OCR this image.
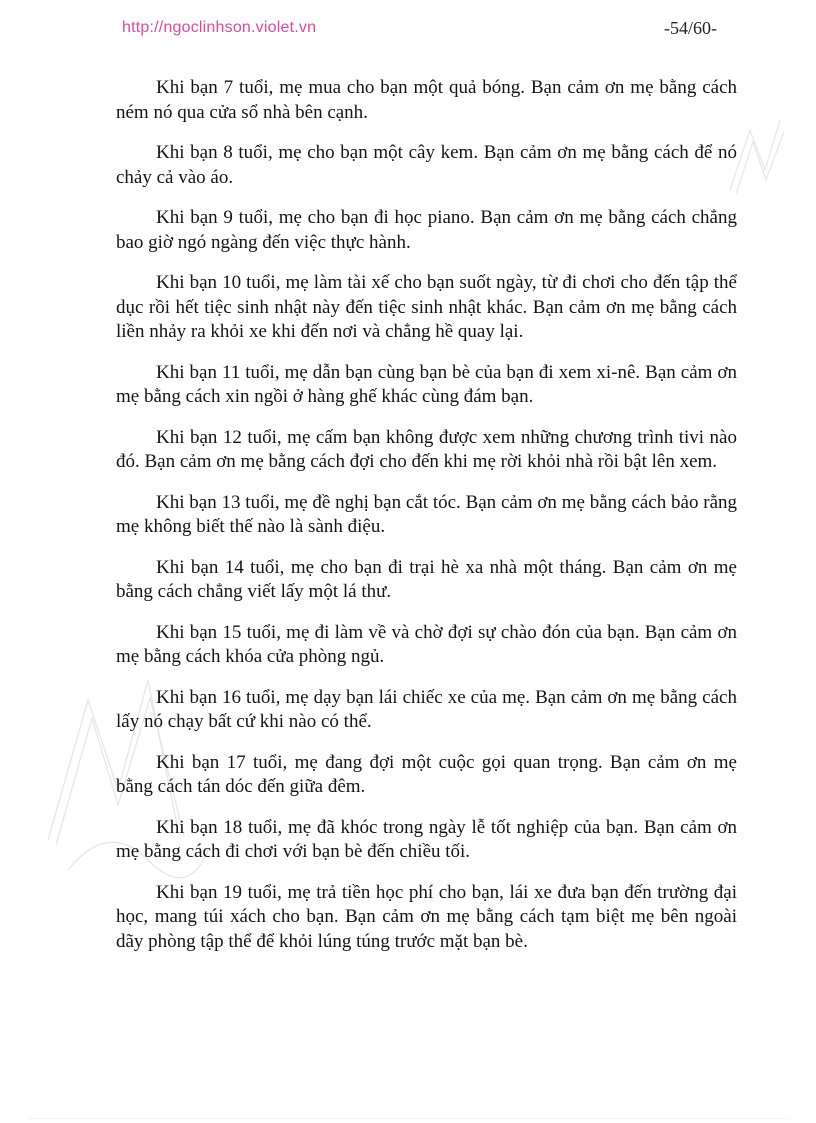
http://ngoclinhson.violet.vn	-54/60-

Khi bạn 7 tuổi, mẹ mua cho bạn một quả bóng. Bạn cảm ơn mẹ bằng cách ném nó qua cửa sổ nhà bên cạnh.

Khi bạn 8 tuổi, mẹ cho bạn một cây kem. Bạn cảm ơn mẹ bằng cách để nó chảy cả vào áo.

Khi bạn 9 tuổi, mẹ cho bạn đi học piano. Bạn cảm ơn mẹ bằng cách chẳng bao giờ ngó ngàng đến việc thực hành.

Khi bạn 10 tuổi, mẹ làm tài xế cho bạn suốt ngày, từ đi chơi cho đến tập thể dục rồi hết tiệc sinh nhật này đến tiệc sinh nhật khác. Bạn cảm ơn mẹ bằng cách liền nhảy ra khỏi xe khi đến nơi và chẳng hề quay lại.

Khi bạn 11 tuổi, mẹ dẫn bạn cùng bạn bè của bạn đi xem xi-nê. Bạn cảm ơn mẹ bằng cách xin ngồi ở hàng ghế khác cùng đám bạn.

Khi bạn 12 tuổi, mẹ cấm bạn không được xem những chương trình tivi nào đó. Bạn cảm ơn mẹ bằng cách đợi cho đến khi mẹ rời khỏi nhà rồi bật lên xem.

Khi bạn 13 tuổi, mẹ đề nghị bạn cắt tóc. Bạn cảm ơn mẹ bằng cách bảo rằng mẹ không biết thế nào là sành điệu.

Khi bạn 14 tuổi, mẹ cho bạn đi trại hè xa nhà một tháng. Bạn cảm ơn mẹ bằng cách chẳng viết lấy một lá thư.

Khi bạn 15 tuổi, mẹ đi làm về và chờ đợi sự chào đón của bạn. Bạn cảm ơn mẹ bằng cách khóa cửa phòng ngủ.

Khi bạn 16 tuổi, mẹ dạy bạn lái chiếc xe của mẹ. Bạn cảm ơn mẹ bằng cách lấy nó chạy bất cứ khi nào có thể.

Khi bạn 17 tuổi, mẹ đang đợi một cuộc gọi quan trọng. Bạn cảm ơn mẹ bằng cách tán dóc đến giữa đêm.

Khi bạn 18 tuổi, mẹ đã khóc trong ngày lễ tốt nghiệp của bạn. Bạn cảm ơn mẹ bằng cách đi chơi với bạn bè đến chiều tối.

Khi bạn 19 tuổi, mẹ trả tiền học phí cho bạn, lái xe đưa bạn đến trường đại học, mang túi xách cho bạn. Bạn cảm ơn mẹ bằng cách tạm biệt mẹ bên ngoài dãy phòng tập thể để khỏi lúng túng trước mặt bạn bè.
